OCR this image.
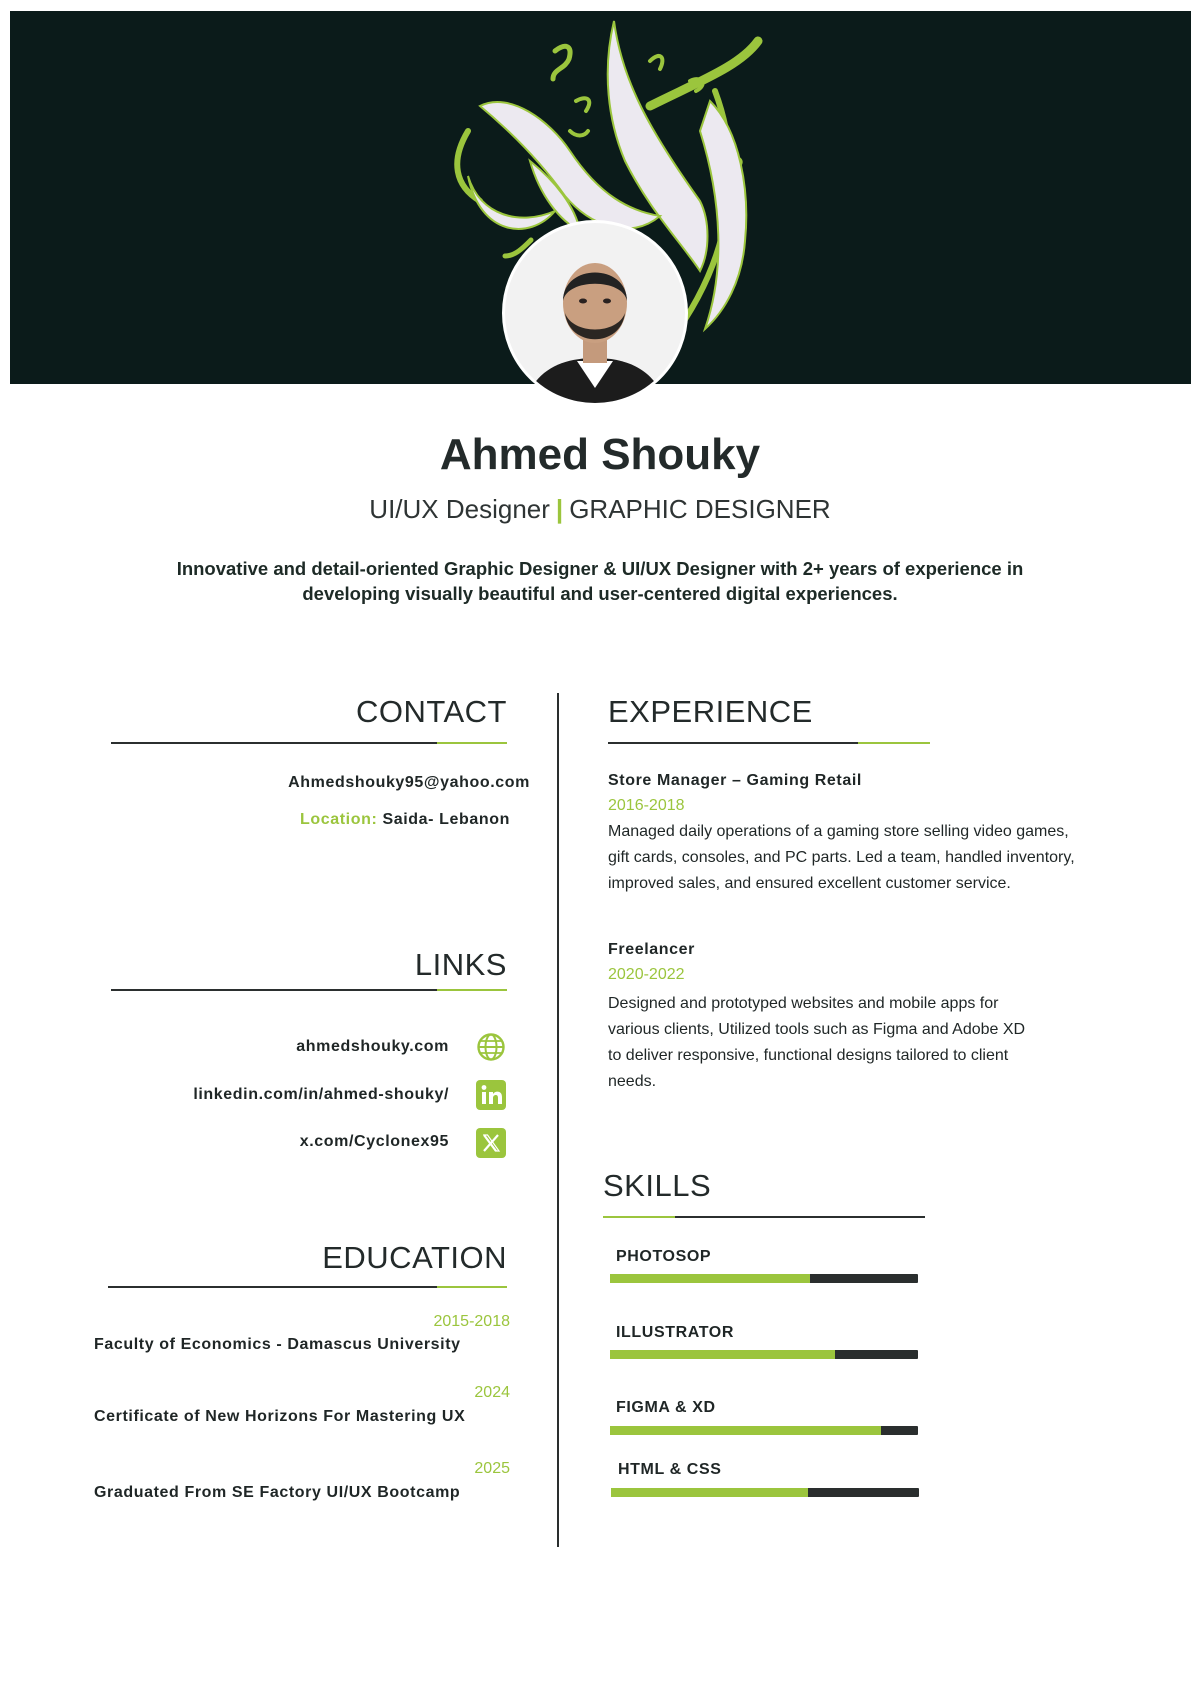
Ahmed Shouky
UI/UX Designer | GRAPHIC DESIGNER
Innovative and detail-oriented Graphic Designer & UI/UX Designer with 2+ years of experience in developing visually beautiful and user-centered digital experiences.
CONTACT
Ahmedshouky95@yahoo.com
Location: Saida- Lebanon
LINKS
ahmedshouky.com
linkedin.com/in/ahmed-shouky/
x.com/Cyclonex95
EDUCATION
2015-2018
Faculty of Economics - Damascus University
2024
Certificate of New Horizons For Mastering UX
2025
Graduated From SE Factory UI/UX Bootcamp
EXPERIENCE
Store Manager – Gaming Retail
2016-2018
Managed daily operations of a gaming store selling video games,
gift cards, consoles, and PC parts. Led a team, handled inventory,
improved sales, and ensured excellent customer service.
Freelancer
2020-2022
Designed and prototyped websites and mobile apps for
various clients, Utilized tools such as Figma and Adobe XD
to deliver responsive, functional designs tailored to client
needs.
SKILLS
PHOTOSOP
ILLUSTRATOR
FIGMA & XD
HTML & CSS
